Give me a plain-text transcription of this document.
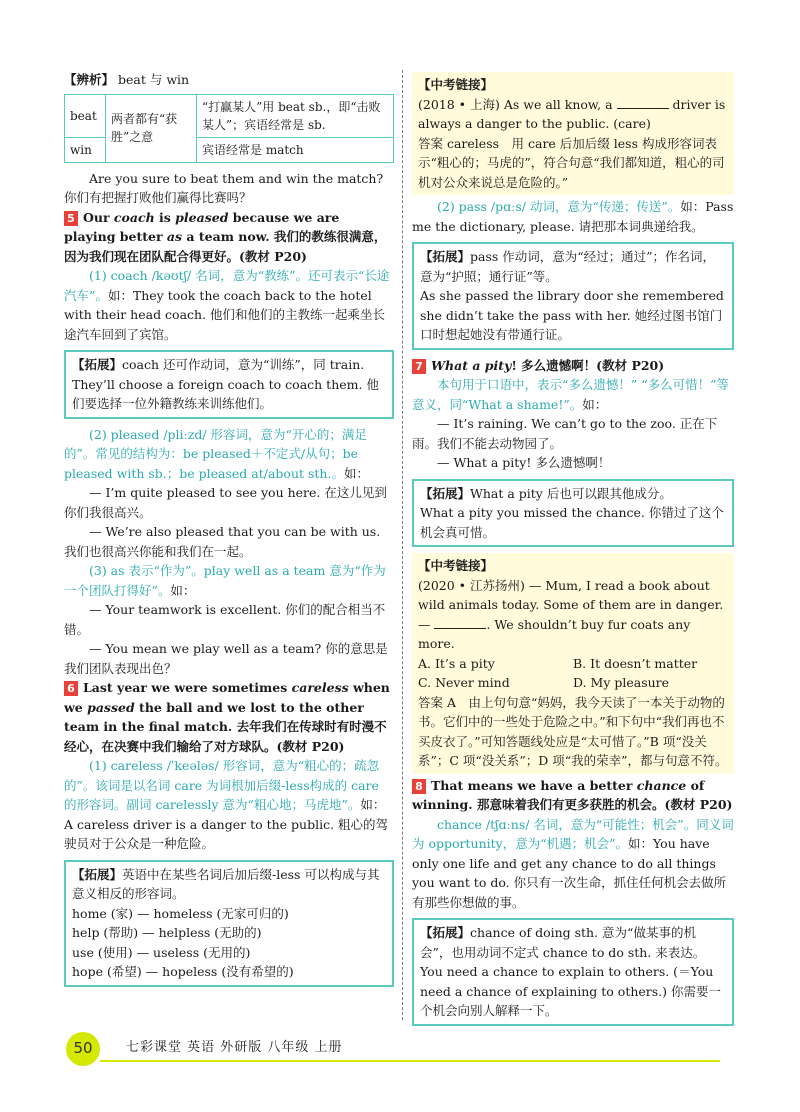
【辨析】 beat 与 win

beat	两者都有“获胜”之意	“打赢某人”用 beat sb.，即“击败某人”；宾语经常是 sb.
win		宾语经常是 match

Are you sure to beat them and win the match? 你们有把握打败他们赢得比赛吗？

5 Our coach is pleased because we are playing better as a team now. 我们的教练很满意，因为我们现在团队配合得更好。(教材 P20)

(1) coach /kəʊtʃ/ 名词，意为“教练”。还可表示“长途汽车”。如：They took the coach back to the hotel with their head coach. 他们和他们的主教练一起乘坐长途汽车回到了宾馆。

【拓展】coach 还可作动词，意为“训练”，同 train. They’ll choose a foreign coach to coach them. 他们要选择一位外籍教练来训练他们。

(2) pleased /pliːzd/ 形容词，意为“开心的；满足的”。常见的结构为：be pleased＋不定式/从句；be pleased with sb.；be pleased at/about sth.。如：

— I’m quite pleased to see you here. 在这儿见到你们我很高兴。

— We’re also pleased that you can be with us. 我们也很高兴你能和我们在一起。

(3) as 表示“作为”。play well as a team 意为“作为一个团队打得好”。如：

— Your teamwork is excellent. 你们的配合相当不错。

— You mean we play well as a team? 你的意思是我们团队表现出色？

6 Last year we were sometimes careless when we passed the ball and we lost to the other team in the final match. 去年我们在传球时有时漫不经心，在决赛中我们输给了对方球队。(教材 P20)

(1) careless /ˈkeələs/ 形容词，意为“粗心的；疏忽的”。该词是以名词 care 为词根加后缀-less构成的 care 的形容词。副词 carelessly 意为“粗心地；马虎地”。如：A careless driver is a danger to the public. 粗心的驾驶员对于公众是一种危险。

【拓展】英语中在某些名词后加后缀-less 可以构成与其意义相反的形容词。
home (家) — homeless (无家可归的)
help (帮助) — helpless (无助的)
use (使用) — useless (无用的)
hope (希望) — hopeless (没有希望的)
【中考链接】
(2018 • 上海) As we all know, a	driver is always a danger to the public. (care)
答案 careless　用 care 后加后缀 less 构成形容词表示“粗心的；马虎的”，符合句意“我们都知道，粗心的司机对公众来说总是危险的。”

(2) pass /pɑːs/ 动词，意为“传递；传送”。如：Pass me the dictionary, please. 请把那本词典递给我。

【拓展】pass 作动词，意为“经过；通过”；作名词，意为“护照；通行证”等。
As she passed the library door she remembered she didn’t take the pass with her. 她经过图书馆门口时想起她没有带通行证。

7 What a pity! 多么遗憾啊！(教材 P20)

本句用于口语中，表示“多么遗憾！” “多么可惜！”等意义，同“What a shame!”。如：

— It’s raining. We can’t go to the zoo. 正在下雨。我们不能去动物园了。

— What a pity! 多么遗憾啊！

【拓展】What a pity 后也可以跟其他成分。
What a pity you missed the chance. 你错过了这个机会真可惜。
【中考链接】
(2020 • 江苏扬州) — Mum, I read a book about wild animals today. Some of them are in danger.
—	. We shouldn’t buy fur coats any more.
A. It’s a pity	B. It doesn’t matter
C. Never mind	D. My pleasure
答案 A　由上句句意“妈妈，我今天读了一本关于动物的书。它们中的一些处于危险之中。”和下句中“我们再也不买皮衣了。”可知答题线处应是“太可惜了。”B 项“没关系”；C 项“没关系”；D 项“我的荣幸”，都与句意不符。

8 That means we have a better chance of winning. 那意味着我们有更多获胜的机会。(教材 P20)

chance /tʃɑːns/ 名词，意为“可能性；机会”。同义词为 opportunity，意为“机遇；机会”。如：You have only one life and get any chance to do all things you want to do. 你只有一次生命，抓住任何机会去做所有那些你想做的事。

【拓展】chance of doing sth. 意为“做某事的机会”，也用动词不定式 chance to do sth. 来表达。
You need a chance to explain to others. (＝You need a chance of explaining to others.) 你需要一个机会向别人解释一下。
50	七彩课堂 英语 外研版 八年级 上册
